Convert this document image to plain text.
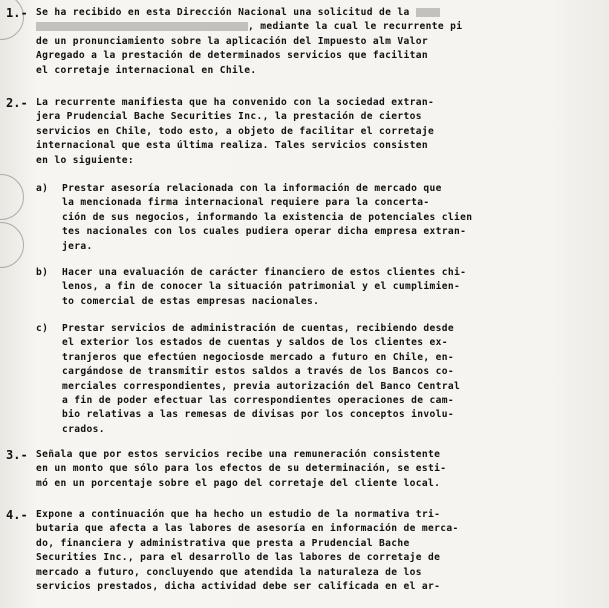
1.- Se ha recibido en esta Dirección Nacional una solicitud de la
, mediante la cual le recurrente pi
de un pronunciamiento sobre la aplicación del Impuesto alm Valor
Agregado a la prestación de determinados servicios que facilitan
el corretaje internacional en Chile.
2.- La recurrente manifiesta que ha convenido con la sociedad extran-
jera Prudencial Bache Securities Inc., la prestación de ciertos
servicios en Chile, todo esto, a objeto de facilitar el corretaje
internacional que esta última realiza. Tales servicios consisten
en lo siguiente:
a) Prestar asesoría relacionada con la información de mercado que
la mencionada firma internacional requiere para la concerta-
ción de sus negocios, informando la existencia de potenciales clien
tes nacionales con los cuales pudiera operar dicha empresa extran-
jera.
b) Hacer una evaluación de carácter financiero de estos clientes chi-
lenos, a fin de conocer la situación patrimonial y el cumplimien-
to comercial de estas empresas nacionales.
c) Prestar servicios de administración de cuentas, recibiendo desde
el exterior los estados de cuentas y saldos de los clientes ex-
tranjeros que efectúen negociosde mercado a futuro en Chile, en-
cargándose de transmitir estos saldos a través de los Bancos co-
merciales correspondientes, previa autorización del Banco Central
a fin de poder efectuar las correspondientes operaciones de cam-
bio relativas a las remesas de divisas por los conceptos involu-
crados.
3.- Señala que por estos servicios recibe una remuneración consistente
en un monto que sólo para los efectos de su determinación, se esti-
mó en un porcentaje sobre el pago del corretaje del cliente local.
4.- Expone a continuación que ha hecho un estudio de la normativa tri-
butaria que afecta a las labores de asesoría en información de merca-
do, financiera y administrativa que presta a Prudencial Bache
Securities Inc., para el desarrollo de las labores de corretaje de
mercado a futuro, concluyendo que atendida la naturaleza de los
servicios prestados, dicha actividad debe ser calificada en el ar-
